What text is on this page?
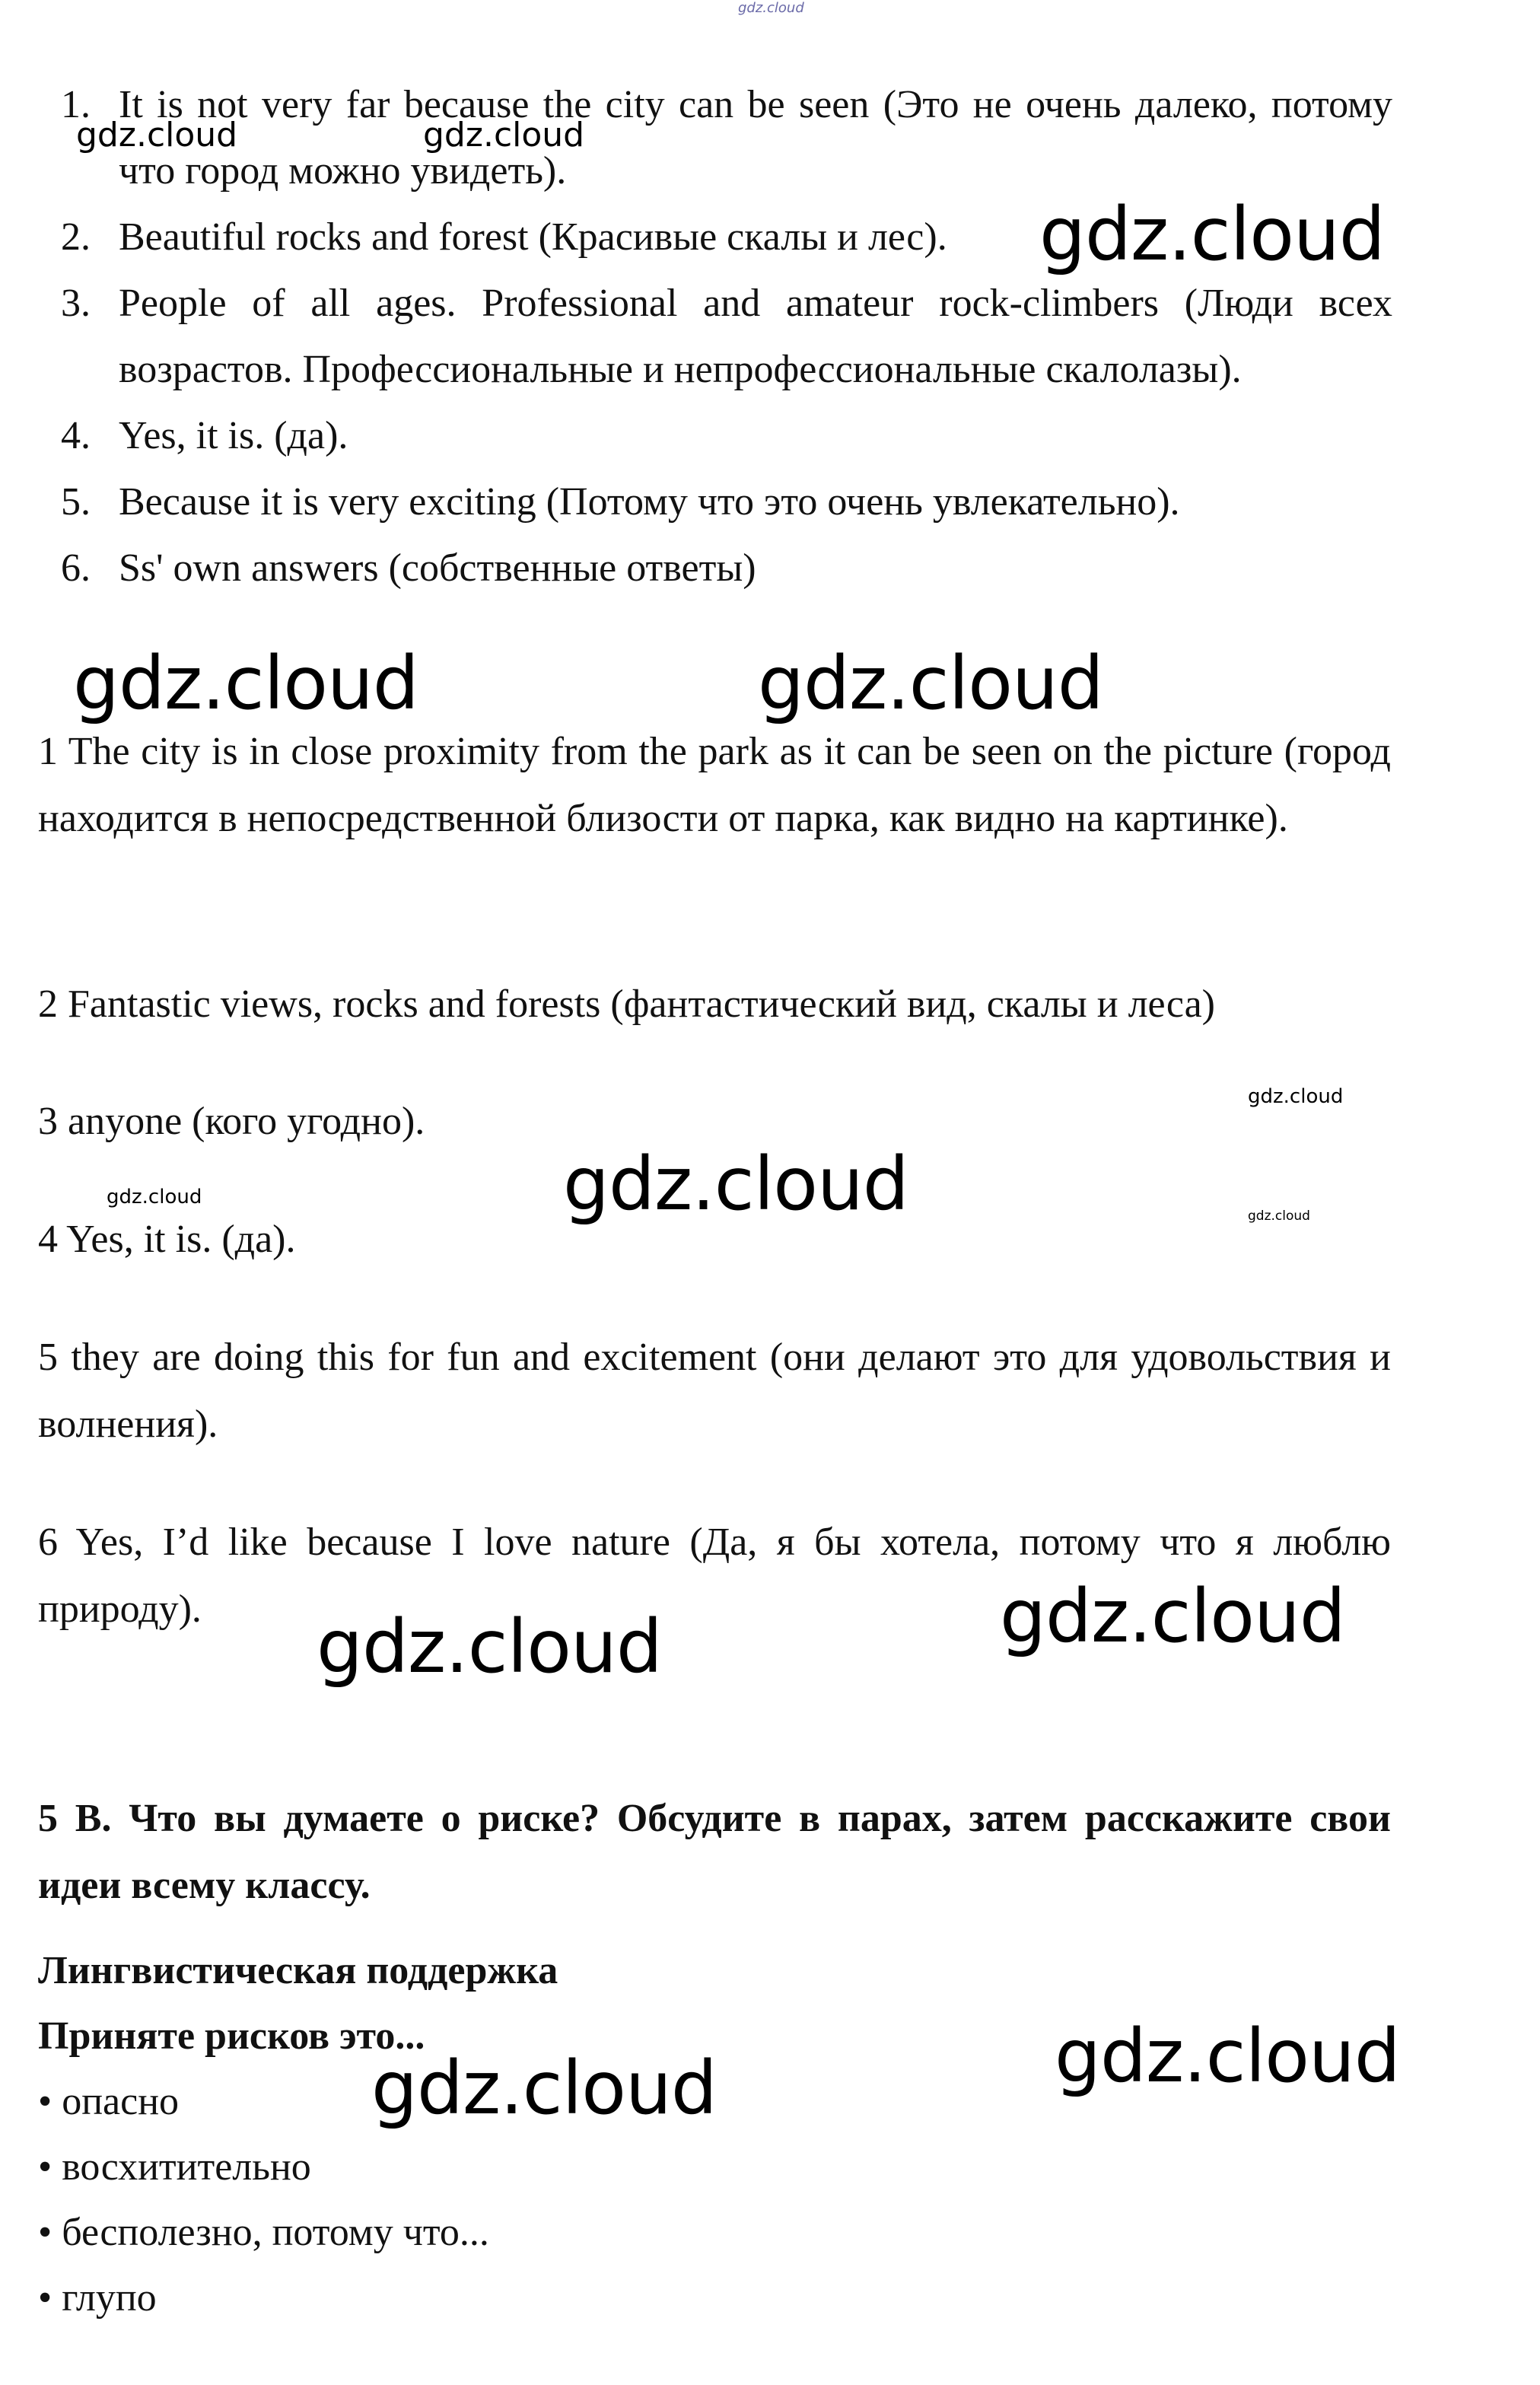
gdz.cloud
1. It is not very far because the city can be seen (Это не очень далеко, потому что город можно увидеть).
2. Beautiful rocks and forest (Красивые скалы и лес).
3. People of all ages. Professional and amateur rock-climbers (Люди всех возрастов. Профессиональные и непрофессиональные скалолазы).
4. Yes, it is. (да).
5. Because it is very exciting (Потому что это очень увлекательно).
6. Ss' own answers (собственные ответы)

1 The city is in close proximity from the park as it can be seen on the picture (город находится в непосредственной близости от парка, как видно на картинке).

2 Fantastic views, rocks and forests (фантастический вид, скалы и леса)

3 anyone (кого угодно).

4 Yes, it is. (да).

5 they are doing this for fun and excitement (они делают это для удовольствия и волнения).

6 Yes, I’d like because I love nature (Да, я бы хотела, потому что я люблю природу).

5 В. Что вы думаете о риске? Обсудите в парах, затем расскажите свои идеи всему классу.

Лингвистическая поддержка

Приняте рисков это...

• опасно
• восхитительно
• бесполезно, потому что...
• глупо
gdz.cloud	gdz.cloud
gdz.cloud
gdz.cloud	gdz.cloud
gdz.cloud
gdz.cloud	gdz.cloud	gdz.cloud
gdz.cloud
gdz.cloud
gdz.cloud
gdz.cloud
